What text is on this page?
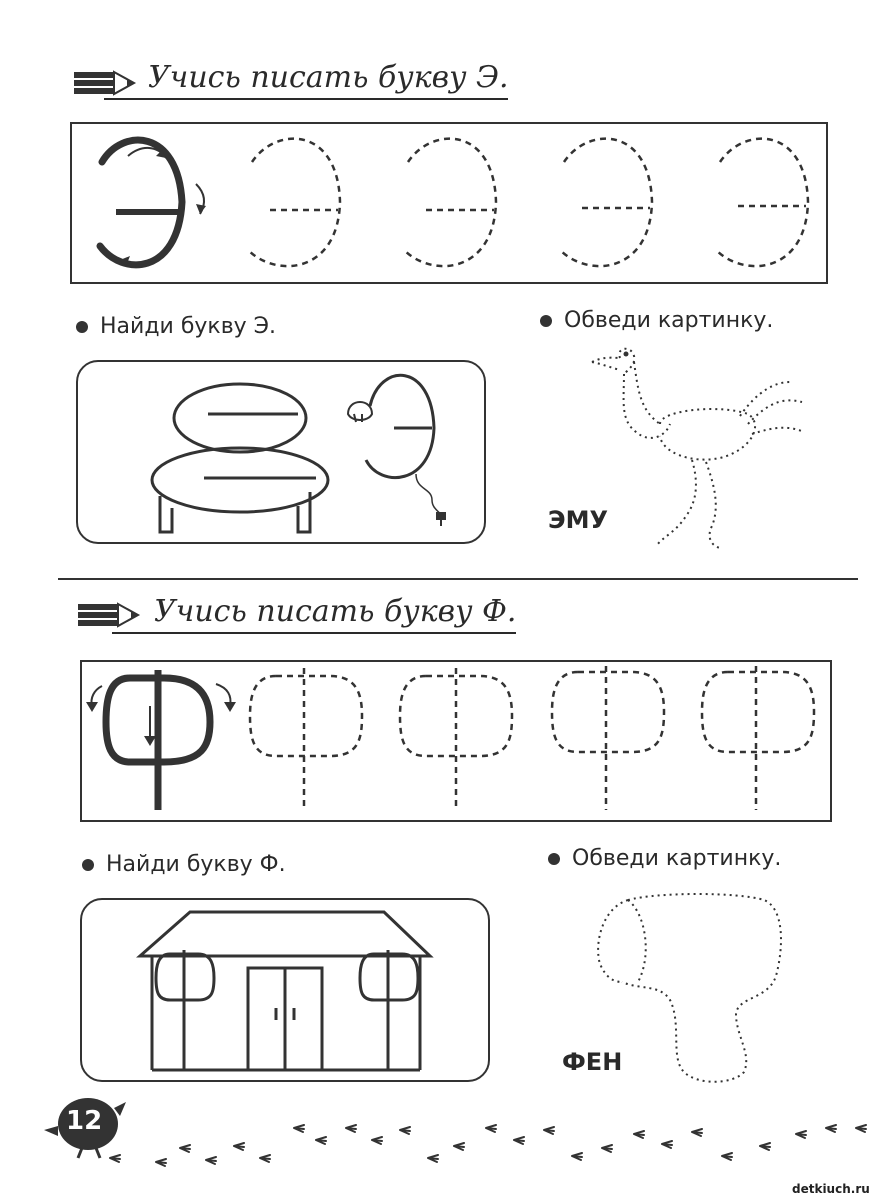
Учись писать букву Э.
Найди букву Э.	Обведи картинку.
ЭМУ
Учись писать букву Ф.
Найди букву Ф.	Обведи картинку.
ФЕН
12
detkiuch.ru
